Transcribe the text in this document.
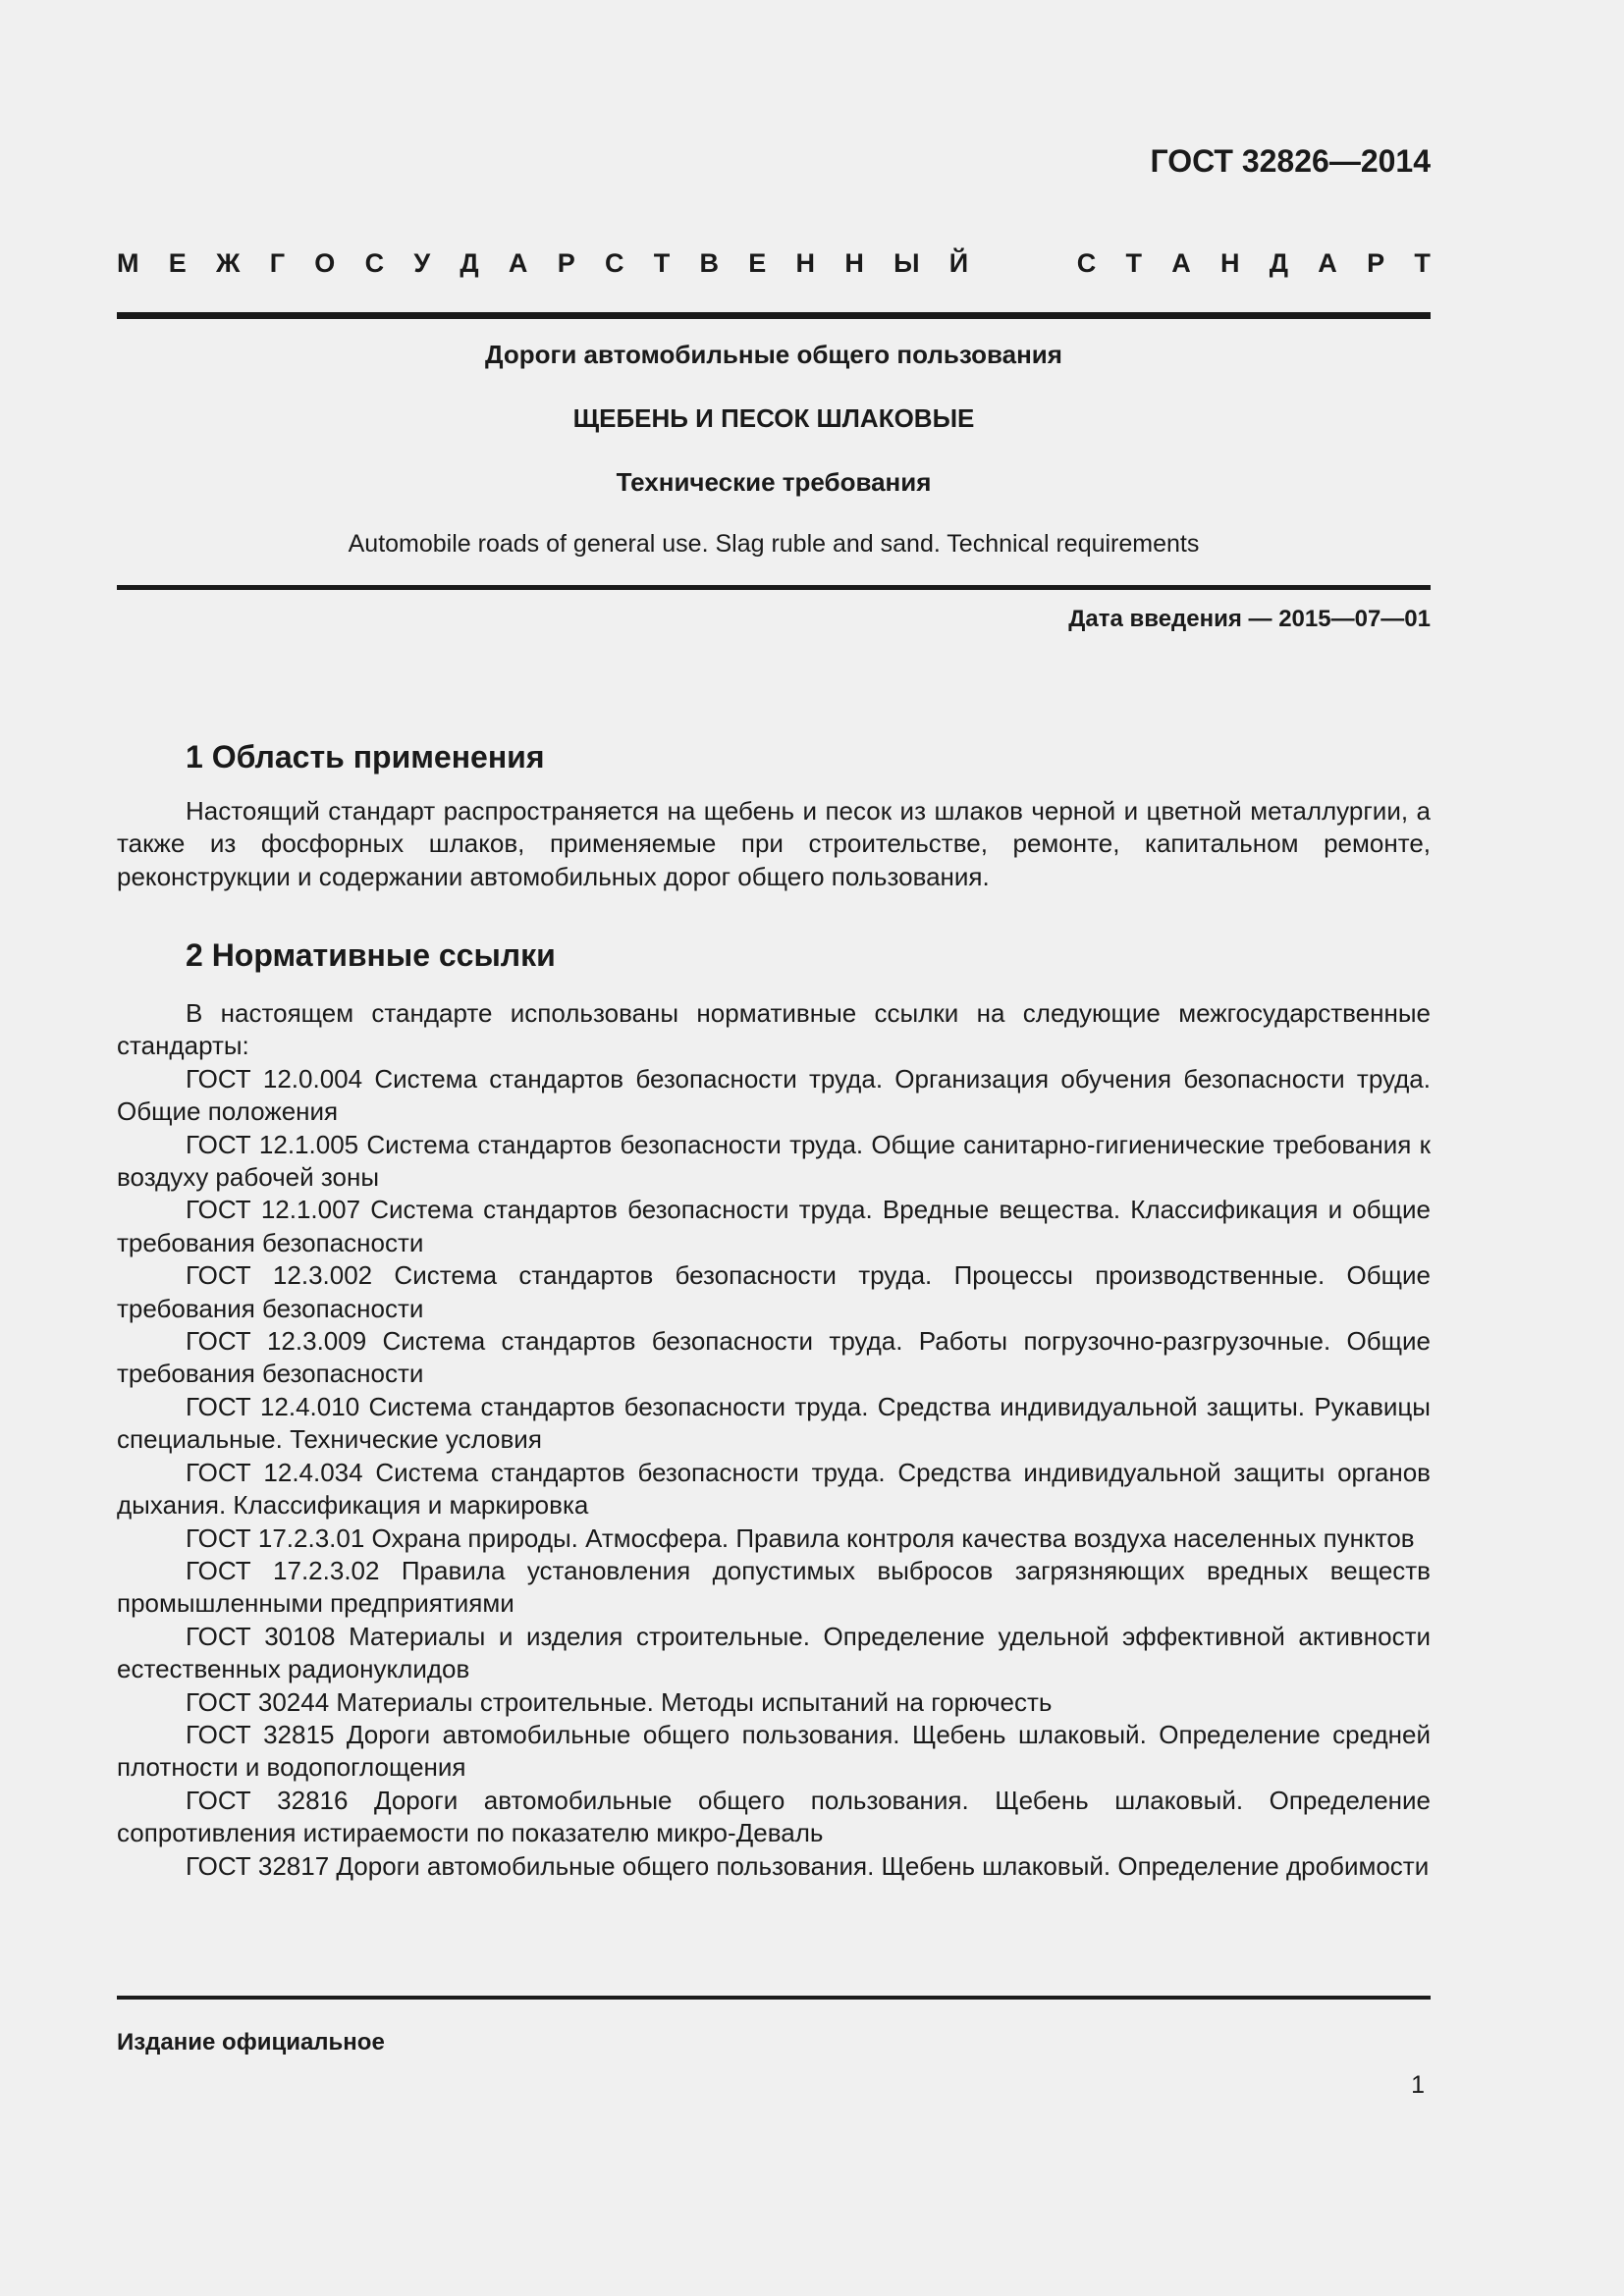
ГОСТ 32826—2014
М Е Ж Г О С У Д А Р С Т В Е Н Н Ы Й	С Т А Н Д А Р Т
Дороги автомобильные общего пользования
ЩЕБЕНЬ И ПЕСОК ШЛАКОВЫЕ
Технические требования
Automobile roads of general use. Slag ruble and sand. Technical requirements
Дата введения — 2015—07—01
1 Область применения

Настоящий стандарт распространяется на щебень и песок из шлаков черной и цветной металлургии, а также из фосфорных шлаков, применяемые при строительстве, ремонте, капитальном ремонте, реконструкции и содержании автомобильных дорог общего пользования.

2 Нормативные ссылки

В настоящем стандарте использованы нормативные ссылки на следующие межгосударственные стандарты:

ГОСТ 12.0.004 Система стандартов безопасности труда. Организация обучения безопасности труда. Общие положения

ГОСТ 12.1.005 Система стандартов безопасности труда. Общие санитарно-гигиенические требования к воздуху рабочей зоны

ГОСТ 12.1.007 Система стандартов безопасности труда. Вредные вещества. Классификация и общие требования безопасности

ГОСТ 12.3.002 Система стандартов безопасности труда. Процессы производственные. Общие требования безопасности

ГОСТ 12.3.009 Система стандартов безопасности труда. Работы погрузочно-разгрузочные. Общие требования безопасности

ГОСТ 12.4.010 Система стандартов безопасности труда. Средства индивидуальной защиты. Рукавицы специальные. Технические условия

ГОСТ 12.4.034 Система стандартов безопасности труда. Средства индивидуальной защиты органов дыхания. Классификация и маркировка

ГОСТ 17.2.3.01 Охрана природы. Атмосфера. Правила контроля качества воздуха населенных пунктов

ГОСТ 17.2.3.02 Правила установления допустимых выбросов загрязняющих вредных веществ промышленными предприятиями

ГОСТ 30108 Материалы и изделия строительные. Определение удельной эффективной активности естественных радионуклидов

ГОСТ 30244 Материалы строительные. Методы испытаний на горючесть

ГОСТ 32815 Дороги автомобильные общего пользования. Щебень шлаковый. Определение средней плотности и водопоглощения

ГОСТ 32816 Дороги автомобильные общего пользования. Щебень шлаковый. Определение сопротивления истираемости по показателю микро-Деваль

ГОСТ 32817 Дороги автомобильные общего пользования. Щебень шлаковый. Определение дробимости

Издание официальное
1
